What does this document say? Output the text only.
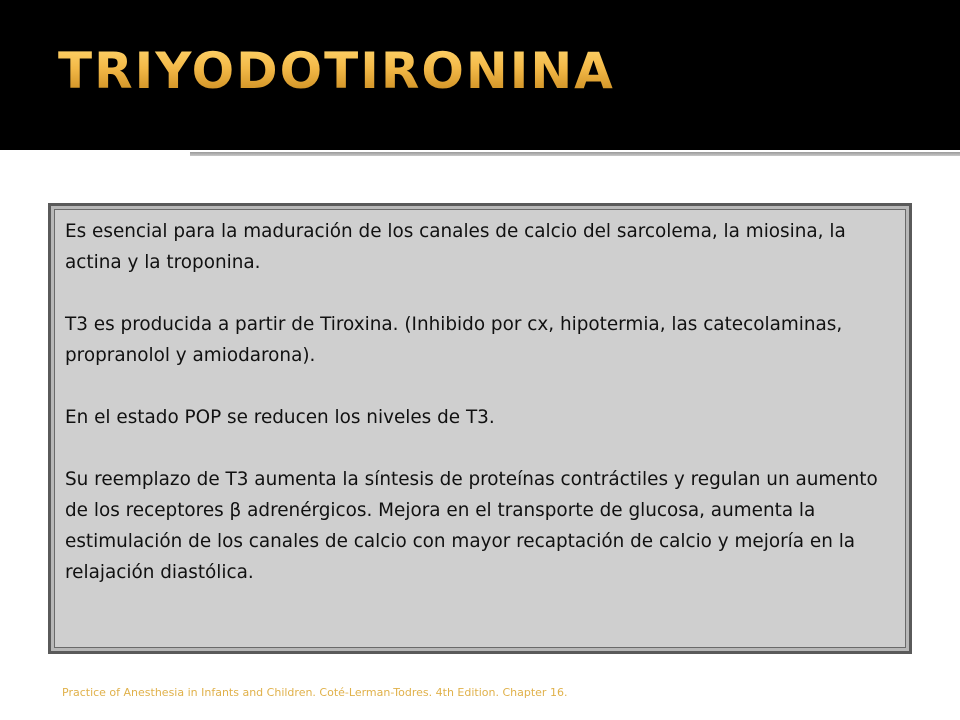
TRIYODOTIRONINA

Es esencial para la maduración de los canales de calcio del sarcolema, la miosina, la actina y la troponina.

T3 es producida a partir de Tiroxina. (Inhibido por cx, hipotermia, las catecolaminas, propranolol y amiodarona).

En el estado POP se reducen los niveles de T3.

Su reemplazo de T3 aumenta la síntesis de proteínas contráctiles y regulan un aumento de los receptores β adrenérgicos. Mejora en el transporte de glucosa, aumenta la estimulación de los canales de calcio con mayor recaptación de calcio y mejoría en la relajación diastólica.

Practice of Anesthesia in Infants and Children. Coté-Lerman-Todres. 4th Edition. Chapter 16.
